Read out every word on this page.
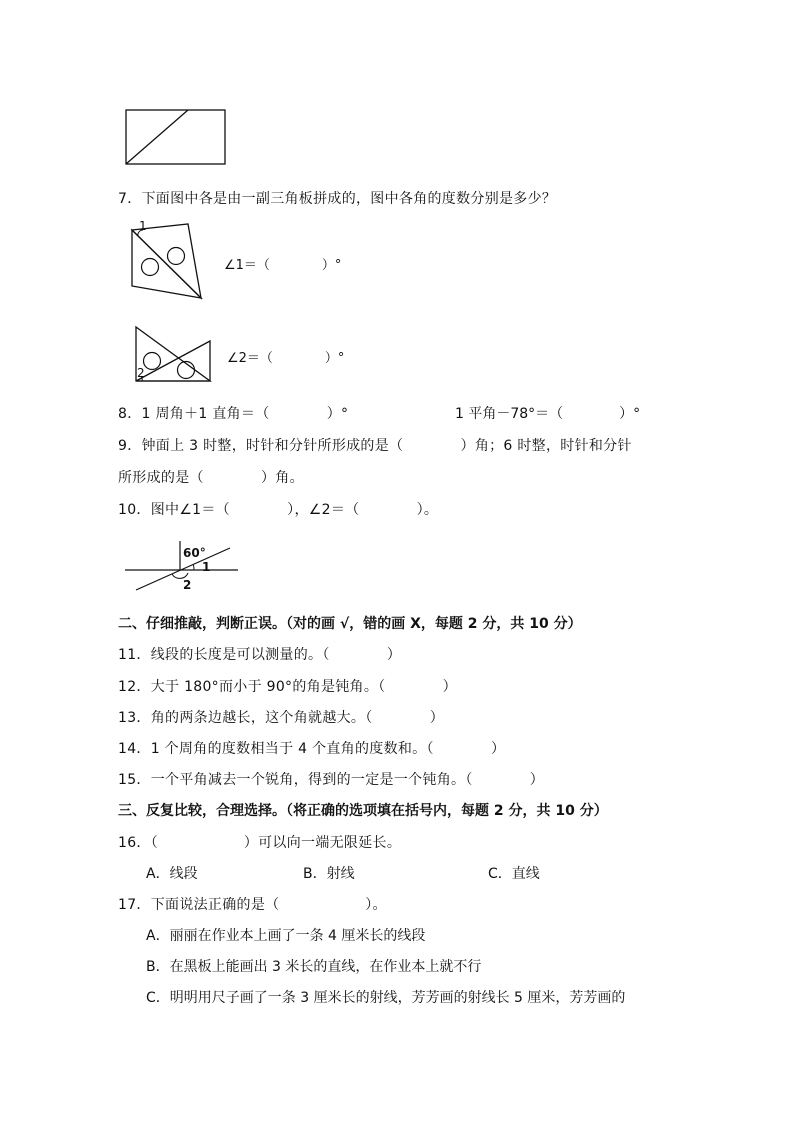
7．下面图中各是由一副三角板拼成的，图中各角的度数分别是多少？
1
∠1＝（　　　　）°
2
∠2＝（　　　　）°
8．1 周角＋1 直角＝（　　　　）°	1 平角－78°＝（　　　　）°
9．钟面上 3 时整，时针和分针所形成的是（　　　　）角；6 时整，时针和分针
所形成的是（　　　　）角。
10．图中∠1＝（　　　　），∠2＝（　　　　）。
60°
1
2
二、仔细推敲，判断正误。（对的画 √，错的画 X，每题 2 分，共 10 分）
11．线段的长度是可以测量的。（　　　　）
12．大于 180°而小于 90°的角是钝角。（　　　　）
13．角的两条边越长，这个角就越大。（　　　　）
14．1 个周角的度数相当于 4 个直角的度数和。（　　　　）
15．一个平角减去一个锐角，得到的一定是一个钝角。（　　　　）
三、反复比较，合理选择。（将正确的选项填在括号内，每题 2 分，共 10 分）
16．（　　　　　　）可以向一端无限延长。
A．线段	B．射线	C．直线
17．下面说法正确的是（　　　　　　）。
A．丽丽在作业本上画了一条 4 厘米长的线段
B．在黑板上能画出 3 米长的直线，在作业本上就不行
C．明明用尺子画了一条 3 厘米长的射线，芳芳画的射线长 5 厘米，芳芳画的
